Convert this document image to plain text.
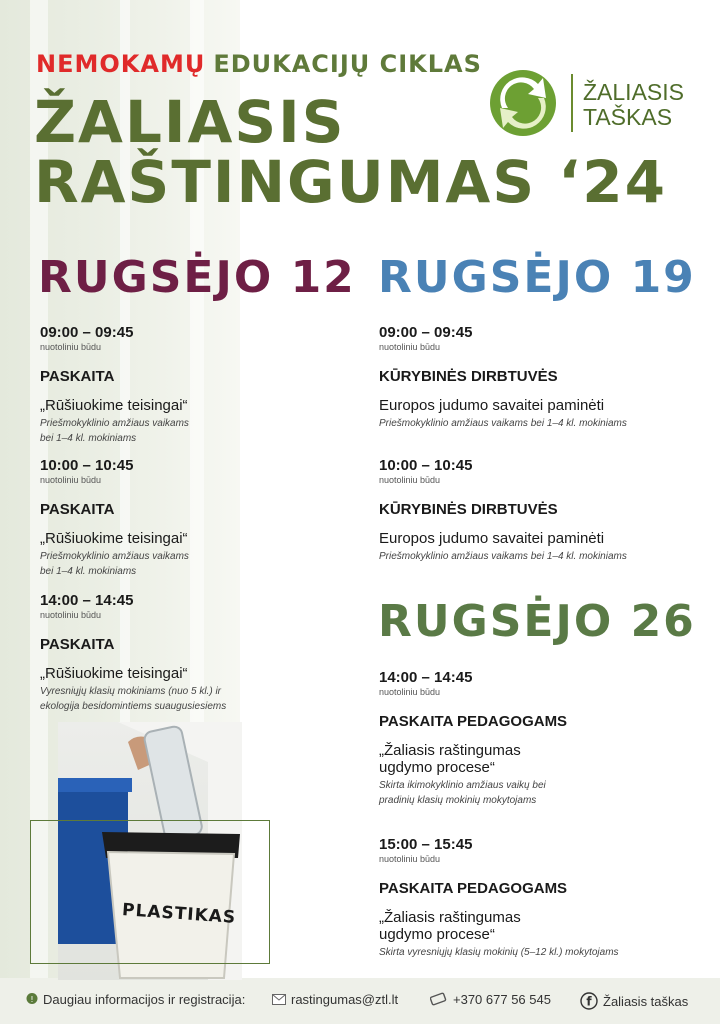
NEMOKAMŲ EDUKACIJŲ CIKLAS
ŽALIASIS
RAŠTINGUMAS ‘24
ŽALIASIS
TAŠKAS
RUGSĖJO 12 RUGSĖJO 19
RUGSĖJO 26
09:00 – 09:45
nuotoliniu būdu
PASKAITA
„Rūšiuokime teisingai“
Priešmokyklinio amžiaus vaikams
bei 1–4 kl. mokiniams
10:00 – 10:45
nuotoliniu būdu
PASKAITA
„Rūšiuokime teisingai“
Priešmokyklinio amžiaus vaikams
bei 1–4 kl. mokiniams
14:00 – 14:45
nuotoliniu būdu
PASKAITA
„Rūšiuokime teisingai“
Vyresniųjų klasių mokiniams (nuo 5 kl.) ir
ekologija besidomintiems suaugusiesiems
09:00 – 09:45
nuotoliniu būdu
KŪRYBINĖS DIRBTUVĖS
Europos judumo savaitei paminėti
Priešmokyklinio amžiaus vaikams bei 1–4 kl. mokiniams
10:00 – 10:45
nuotoliniu būdu
KŪRYBINĖS DIRBTUVĖS
Europos judumo savaitei paminėti
Priešmokyklinio amžiaus vaikams bei 1–4 kl. mokiniams
14:00 – 14:45
nuotoliniu būdu
PASKAITA PEDAGOGAMS
„Žaliasis raštingumas
ugdymo procese“
Skirta ikimokyklinio amžiaus vaikų bei
pradinių klasių mokinių mokytojams
15:00 – 15:45
nuotoliniu būdu
PASKAITA PEDAGOGAMS
„Žaliasis raštingumas
ugdymo procese“
Skirta vyresniųjų klasių mokinių (5–12 kl.) mokytojams
PLASTIKAS
! Daugiau informacijos ir registracija:	rastingumas@ztl.lt	+370 677 56 545	f Žaliasis taškas
